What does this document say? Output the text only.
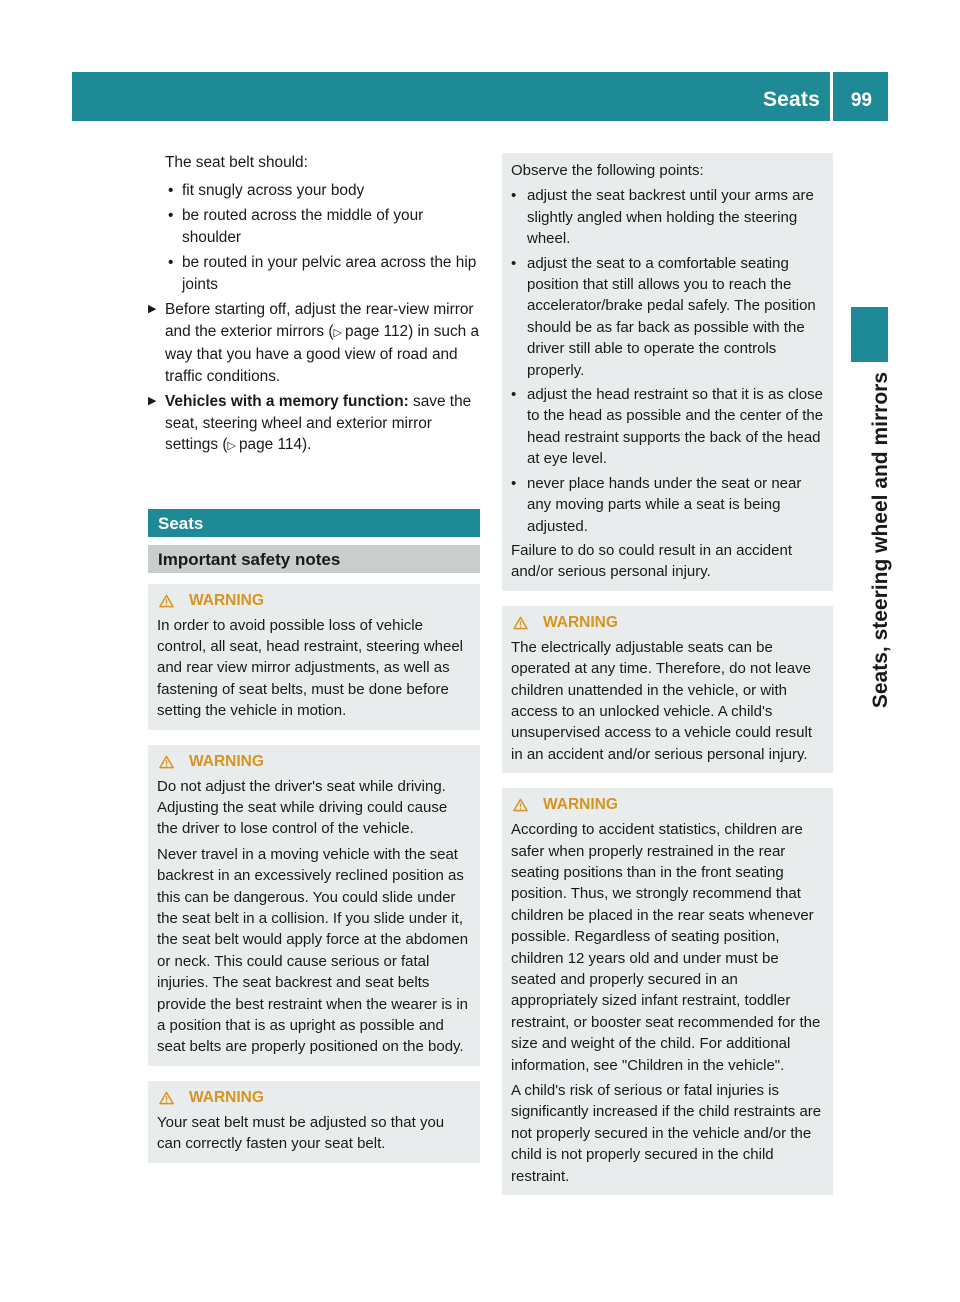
Seats 99
Seats, steering wheel and mirrors

The seat belt should:

• fit snugly across your body
• be routed across the middle of your shoulder
• be routed in your pelvic area across the hip joints
▶ Before starting off, adjust the rear-view mirror and the exterior mirrors (▷ page 112) in such a way that you have a good view of road and traffic conditions.
▶ Vehicles with a memory function: save the seat, steering wheel and exterior mirror settings (▷ page 114).
Seats
Important safety notes
WARNING

In order to avoid possible loss of vehicle control, all seat, head restraint, steering wheel and rear view mirror adjustments, as well as fastening of seat belts, must be done before setting the vehicle in motion.

WARNING

Do not adjust the driver's seat while driving. Adjusting the seat while driving could cause the driver to lose control of the vehicle.

Never travel in a moving vehicle with the seat backrest in an excessively reclined position as this can be dangerous. You could slide under the seat belt in a collision. If you slide under it, the seat belt would apply force at the abdomen or neck. This could cause serious or fatal injuries. The seat backrest and seat belts provide the best restraint when the wearer is in a position that is as upright as possible and seat belts are properly positioned on the body.

WARNING

Your seat belt must be adjusted so that you can correctly fasten your seat belt.

Observe the following points:

• adjust the seat backrest until your arms are slightly angled when holding the steering wheel.
• adjust the seat to a comfortable seating position that still allows you to reach the accelerator/brake pedal safely. The position should be as far back as possible with the driver still able to operate the controls properly.
• adjust the head restraint so that it is as close to the head as possible and the center of the head restraint supports the back of the head at eye level.
• never place hands under the seat or near any moving parts while a seat is being adjusted.

Failure to do so could result in an accident and/or serious personal injury.

WARNING

The electrically adjustable seats can be operated at any time. Therefore, do not leave children unattended in the vehicle, or with access to an unlocked vehicle. A child's unsupervised access to a vehicle could result in an accident and/or serious personal injury.

WARNING

According to accident statistics, children are safer when properly restrained in the rear seating positions than in the front seating position. Thus, we strongly recommend that children be placed in the rear seats whenever possible. Regardless of seating position, children 12 years old and under must be seated and properly secured in an appropriately sized infant restraint, toddler restraint, or booster seat recommended for the size and weight of the child. For additional information, see "Children in the vehicle".

A child's risk of serious or fatal injuries is significantly increased if the child restraints are not properly secured in the vehicle and/or the child is not properly secured in the child restraint.
